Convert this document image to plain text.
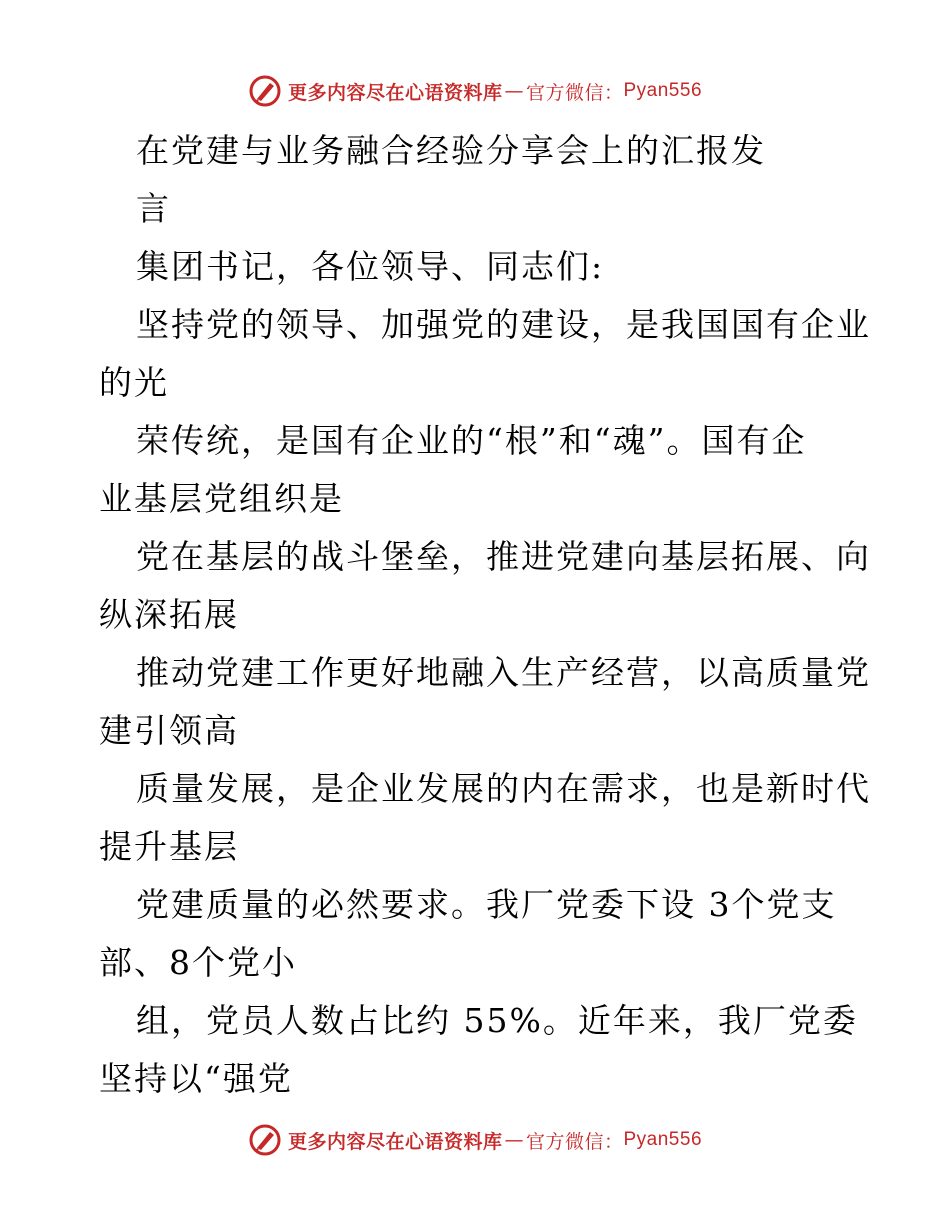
更多内容尽在心语资料库 — 官方微信： Pyan556
在党建与业务融合经验分享会上的汇报发
言
集团书记，各位领导、同志们:
坚持党的领导、加强党的建设，是我国国有企业
的光
荣传统，是国有企业的“根”和“魂”。国有企
业基层党组织是
党在基层的战斗堡垒，推进党建向基层拓展、向
纵深拓展
推动党建工作更好地融入生产经营，以高质量党
建引领高
质量发展，是企业发展的内在需求，也是新时代
提升基层
党建质量的必然要求。我厂党委下设 3个党支
部、8个党小
组，党员人数占比约 55%。近年来，我厂党委
坚持以“强党
更多内容尽在心语资料库 — 官方微信： Pyan556
